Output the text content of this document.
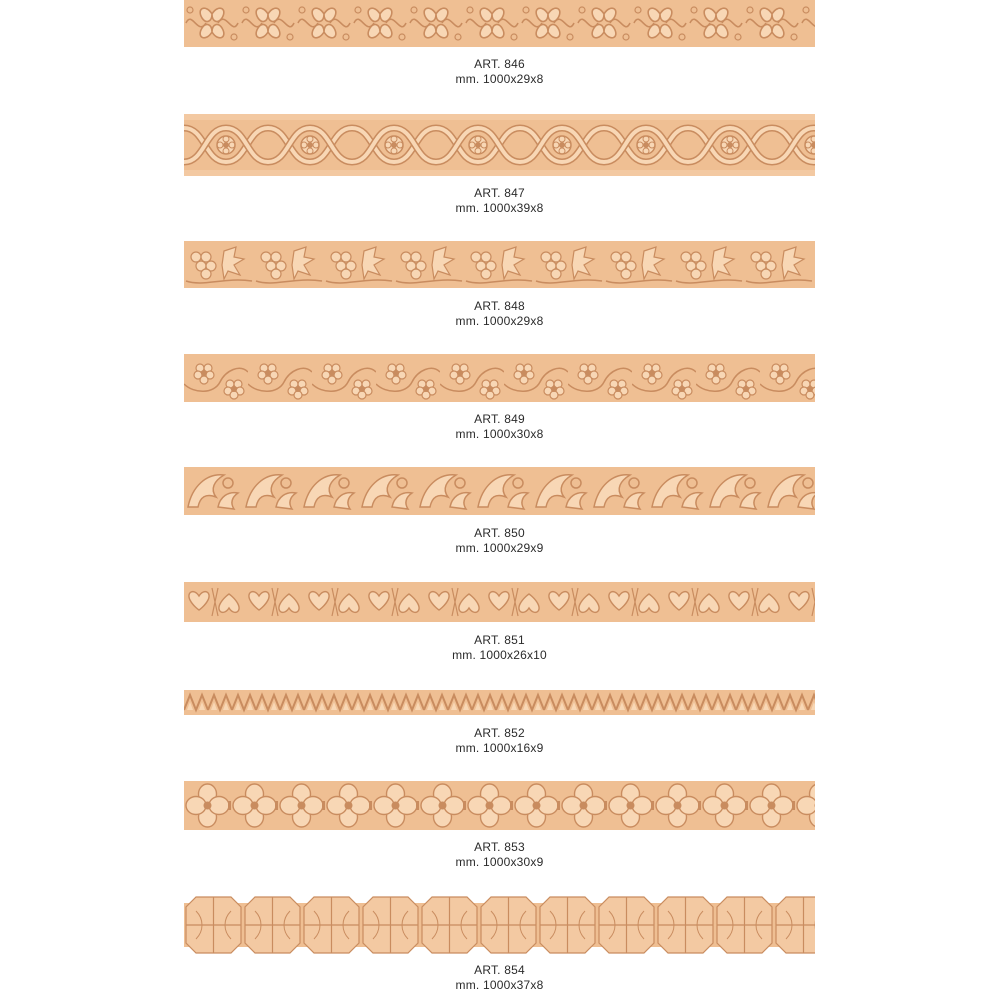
ART. 846
mm. 1000x29x8
ART. 847
mm. 1000x39x8
ART. 848
mm. 1000x29x8
ART. 849
mm. 1000x30x8
ART. 850
mm. 1000x29x9
ART. 851
mm. 1000x26x10
ART. 852
mm. 1000x16x9
ART. 853
mm. 1000x30x9
ART. 854
mm. 1000x37x8
